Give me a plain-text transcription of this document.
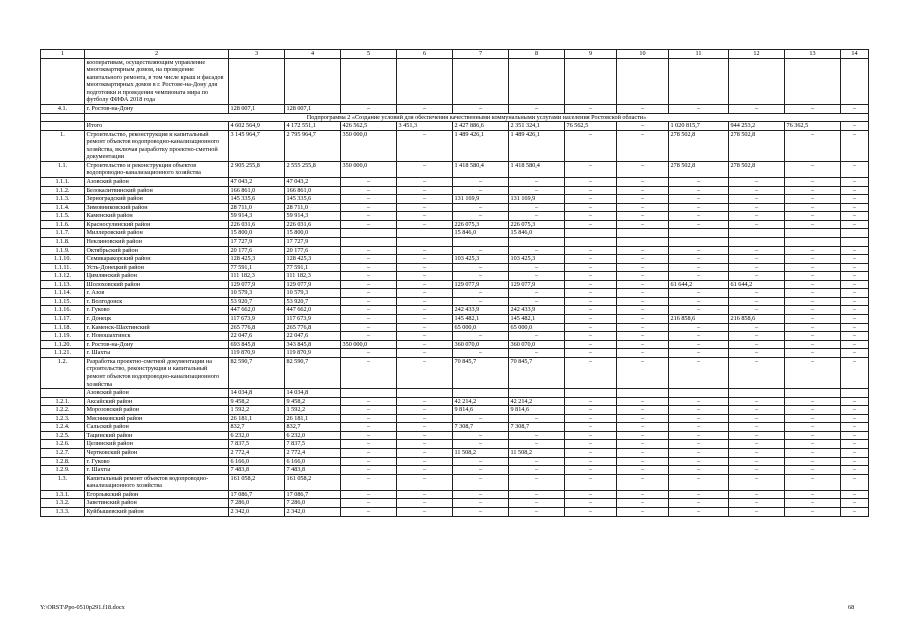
1	2	3	4	5	6	7	8	9	10	11	12	13	14
	кооперативам, осуществляющим управление многоквартирным домом, на проведение капитального ремонта, в том числе крыш и фасадов многоквартирных домов в г. Ростове-на-Дону для подготовки и проведения чемпионата мира по футболу ФИФА 2018 года												
4.1.	г. Ростов-на-Дону	128 007,1	128 007,1	–	–	–	–	–	–	–	–	–	–
	Подпрограмма 2 «Создание условий для обеспечения качественными коммунальными услугами населения Ростовской области»												
	Итого	4 602 564,9	4 172 551,1	426 562,5	3 451,3	2 427 886,6	2 351 324,1	76 562,5	–	1 020 815,7	944 253,2	76 362,5	–
1.	Строительство, реконструкция и капитальный ремонт объектов водопроводно-канализационного хозяйства, включая разработку проектно-сметной документации	3 145 964,7	2 795 964,7	350 000,0	–	1 489 426,1	1 489 426,1	–	–	278 502,8	278 502,8	–	–
1.1.	Строительство и реконструкция объектов водопроводно-канализационного хозяйства	2 905 255,8	2 555 255,8	350 000,0	–	1 418 580,4	1 418 580,4	–	–	278 502,8	278 502,8	–	–
1.1.1.	Азовский район	47 043,2	47 043,2	–	–	–	–	–	–	–	–	–	–
1.1.2.	Белокалитвинский район	166 861,0	166 861,0	–	–	–	–	–	–	–	–	–	–
1.1.3.	Зерноградский район	145 335,6	145 335,6	–	–	131 169,9	131 169,9	–	–	–	–	–	–
1.1.4.	Зимовниковский район	28 711,0	28 711,0	–	–	–	–	–	–	–	–	–	–
1.1.5.	Каменский район	59 914,3	59 914,3	–	–	–	–	–	–	–	–	–	–
1.1.6.	Красносулинский район	226 031,6	226 031,6	–	–	226 075,3	226 075,3	–	–	–	–	–	–
1.1.7.	Миллеровский район	15 800,0	15 800,0			15 846,0	15 846,0						
1.1.8.	Неклиновский район	17 727,9	17 727,9										
1.1.9.	Октябрьский район	20 177,6	20 177,6	–	–	–	–	–	–	–	–	–	–
1.1.10.	Семикаракорский район	128 425,3	128 425,3	–	–	103 425,3	103 425,3	–	–	–	–	–	–
1.1.11.	Усть-Донецкий район	77 591,1	77 591,1	–	–	–	–	–	–	–	–	–	–
1.1.12.	Цимлянский район	111 182,3	111 182,3	–	–	–	–	–	–	–	–	–	–
1.1.13.	Шолоховский район	129 077,9	129 077,9	–	–	129 077,9	129 077,9	–	–	61 644,2	61 644,2	–	–
1.1.14.	г. Азов	10 579,3	10 579,3	–	–	–	–	–	–	–	–	–	–
1.1.15.	г. Волгодонск	53 920,7	53 920,7	–	–	–	–	–	–	–	–	–	–
1.1.16.	г. Гуково	447 662,0	447 662,0	–	–	242 433,9	242 433,9	–	–	–	–	–	–
1.1.17.	г. Донецк	117 673,9	117 673,9	–	–	145 482,1	145 482,1	–	–	216 858,6	216 858,6	–	–
1.1.18.	г. Каменск-Шахтинский	265 776,8	265 776,8	–	–	65 000,0	65 000,0	–	–	–	–	–	–
1.1.19.	г. Новошахтинск	22 047,6	22 047,6	–	–	–	–	–	–	–	–	–	–
1.1.20.	г. Ростов-на-Дону	693 845,8	343 845,8	350 000,0	–	360 070,0	360 070,0	–	–	–	–	–	–
1.1.21.	г. Шахты	119 870,9	119 870,9	–	–	–	–	–	–	–	–	–	–
1.2.	Разработка проектно-сметной документации на строительство, реконструкция и капитальный ремонт объектов водопроводно-канализационного хозяйства	82 590,7	82 590,7	–	–	70 845,7	70 845,7	–	–	–	–	–	–
	Азовский район	14 034,8	14 034,8										
1.2.1.	Аксайский район	9 458,2	9 458,2	–	–	42 214,2	42 214,2	–	–	–	–	–	–
1.2.2.	Морозовский район	1 592,2	1 592,2	–	–	9 814,6	9 814,6	–	–	–	–	–	–
1.2.3.	Мясниковский район	26 181,1	26 181,1	–	–	–	–	–	–	–	–	–	–
1.2.4.	Сальский район	832,7	832,7	–	–	7 308,7	7 308,7	–	–	–	–	–	–
1.2.5.	Тацинский район	6 232,0	6 232,0	–	–	–	–	–	–	–	–	–	–
1.2.6.	Целинский район	7 837,5	7 837,5	–	–	–	–	–	–	–	–	–	–
1.2.7.	Чертковский район	2 772,4	2 772,4	–	–	11 508,2	11 508,2	–	–	–	–	–	–
1.2.8.	г. Гуково	6 166,0	6 166,0	–	–	–	–	–	–	–	–	–	–
1.2.9.	г. Шахты	7 483,8	7 483,8	–	–	–	–	–	–	–	–	–	–
1.3.	Капитальный ремонт объектов водопроводно-канализационного хозяйства	161 058,2	161 058,2	–	–	–	–	–	–	–	–	–	–
1.3.1.	Егорлыкский район	17 086,7	17 086,7	–	–	–	–	–	–	–	–	–	–
1.3.2.	Заветинский район	7 286,0	7 286,0	–	–	–	–	–	–	–	–	–	–
1.3.3.	Куйбышевский район	2 342,0	2 342,0	–	–	–	–	–	–	–	–	–	–
Y:\ORST\Ppo-0510p291.f18.docx	68
